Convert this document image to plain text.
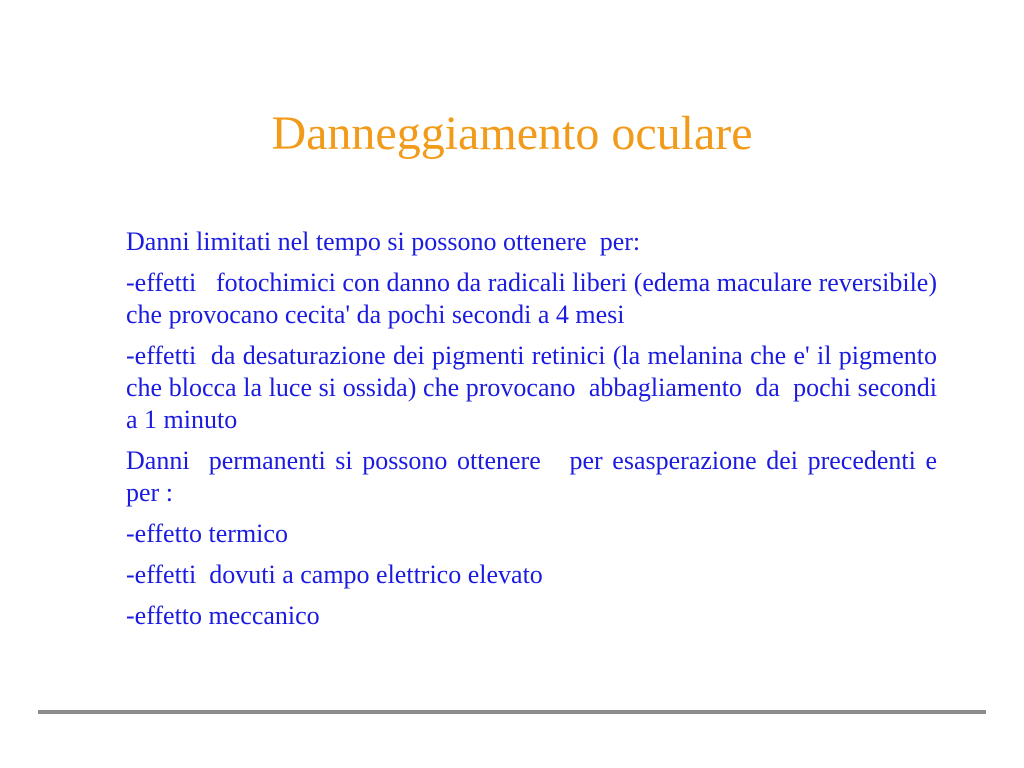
Danneggiamento oculare

Danni limitati nel tempo si possono ottenere  per:

-effetti   fotochimici con danno da radicali liberi (edema maculare reversibile)  che provocano cecita' da pochi secondi a 4 mesi

-effetti  da desaturazione dei pigmenti retinici (la melanina che e' il pigmento che blocca la luce si ossida) che provocano  abbagliamento  da  pochi secondi a 1 minuto

Danni  permanenti si possono ottenere   per esasperazione dei precedenti e per :

-effetto termico

-effetti  dovuti a campo elettrico elevato

-effetto meccanico
